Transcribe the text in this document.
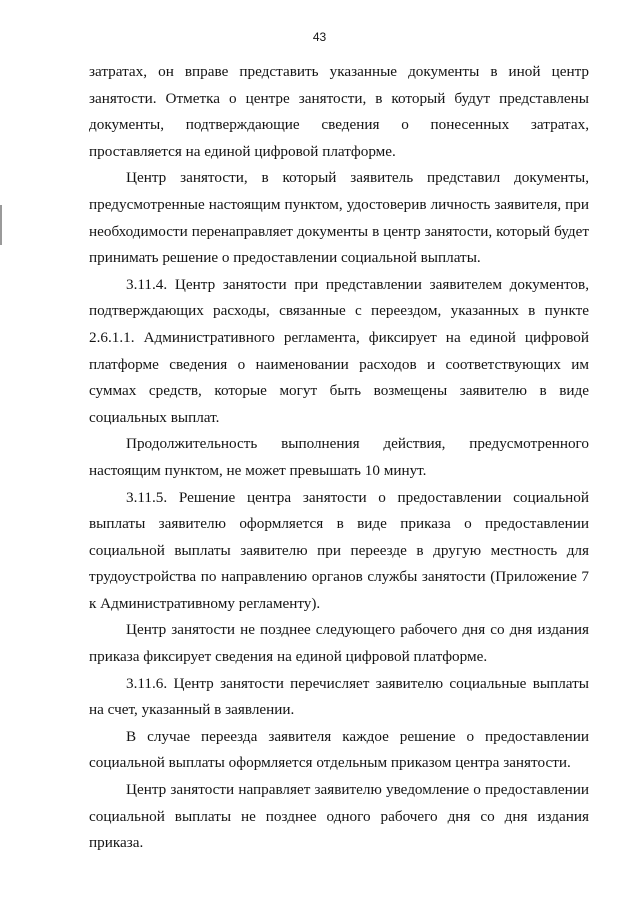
43

затратах, он вправе представить указанные документы в иной центр занятости. Отметка о центре занятости, в который будут представлены документы, подтверждающие сведения о понесенных затратах, проставляется на единой цифровой платформе.

Центр занятости, в который заявитель представил документы, предусмотренные настоящим пунктом, удостоверив личность заявителя, при необходимости перенаправляет документы в центр занятости, который будет принимать решение о предоставлении социальной выплаты.

3.11.4. Центр занятости при представлении заявителем документов, подтверждающих расходы, связанные с переездом, указанных в пункте 2.6.1.1. Административного регламента, фиксирует на единой цифровой платформе сведения о наименовании расходов и соответствующих им суммах средств, которые могут быть возмещены заявителю в виде социальных выплат.

Продолжительность выполнения действия, предусмотренного настоящим пунктом, не может превышать 10 минут.

3.11.5. Решение центра занятости о предоставлении социальной выплаты заявителю оформляется в виде приказа о предоставлении социальной выплаты заявителю при переезде в другую местность для трудоустройства по направлению органов службы занятости (Приложение 7 к Административному регламенту).

Центр занятости не позднее следующего рабочего дня со дня издания приказа фиксирует сведения на единой цифровой платформе.

3.11.6. Центр занятости перечисляет заявителю социальные выплаты на счет, указанный в заявлении.

В случае переезда заявителя каждое решение о предоставлении социальной выплаты оформляется отдельным приказом центра занятости.

Центр занятости направляет заявителю уведомление о предоставлении социальной выплаты не позднее одного рабочего дня со дня издания приказа.
